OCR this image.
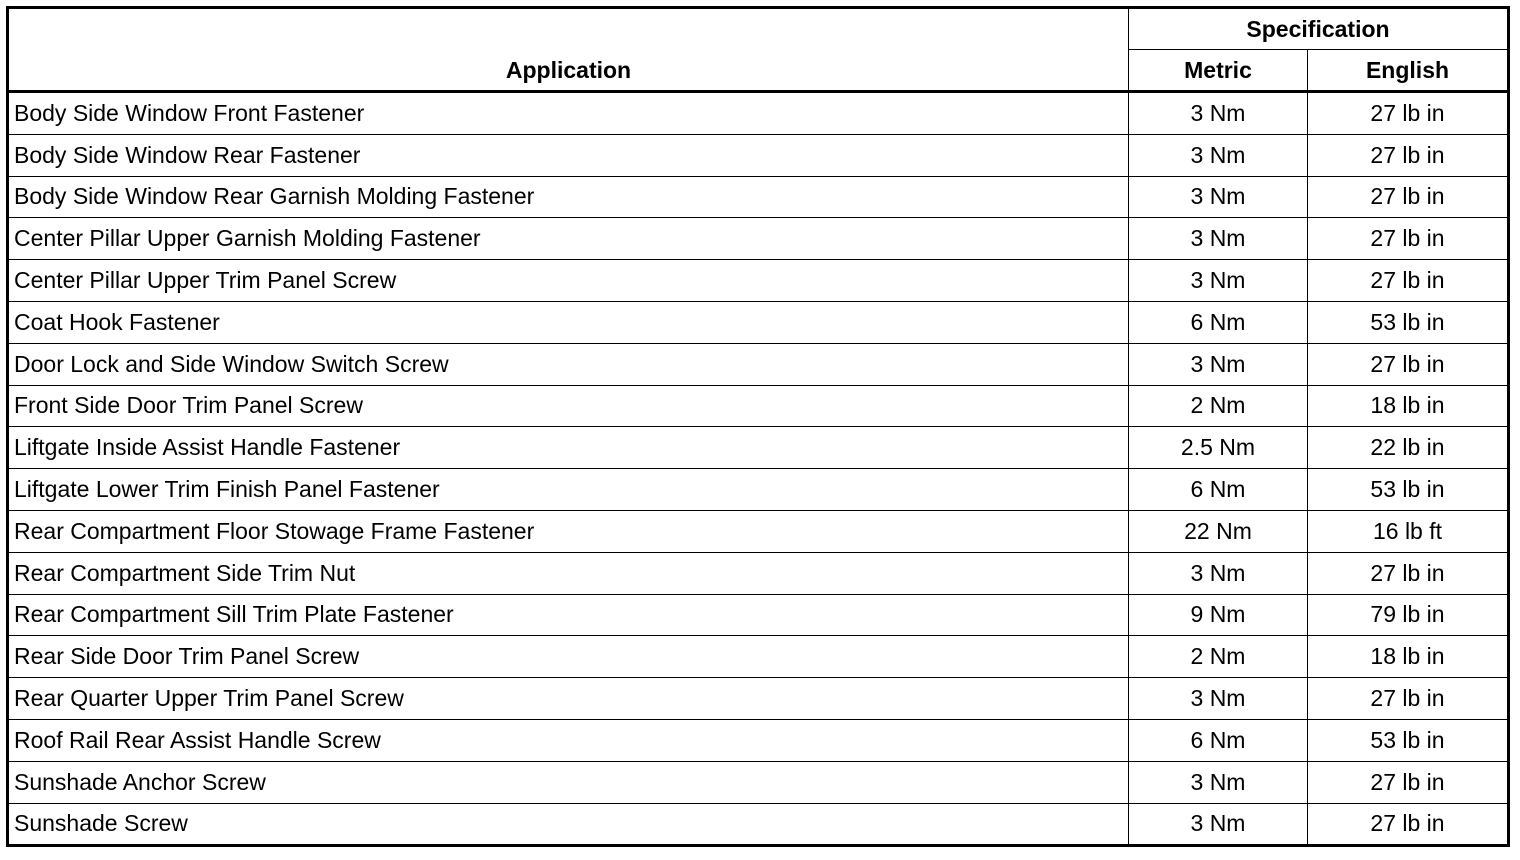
Application	Specification	
	Metric	English
Body Side Window Front Fastener	3 Nm	27 lb in
Body Side Window Rear Fastener	3 Nm	27 lb in
Body Side Window Rear Garnish Molding Fastener	3 Nm	27 lb in
Center Pillar Upper Garnish Molding Fastener	3 Nm	27 lb in
Center Pillar Upper Trim Panel Screw	3 Nm	27 lb in
Coat Hook Fastener	6 Nm	53 lb in
Door Lock and Side Window Switch Screw	3 Nm	27 lb in
Front Side Door Trim Panel Screw	2 Nm	18 lb in
Liftgate Inside Assist Handle Fastener	2.5 Nm	22 lb in
Liftgate Lower Trim Finish Panel Fastener	6 Nm	53 lb in
Rear Compartment Floor Stowage Frame Fastener	22 Nm	16 lb ft
Rear Compartment Side Trim Nut	3 Nm	27 lb in
Rear Compartment Sill Trim Plate Fastener	9 Nm	79 lb in
Rear Side Door Trim Panel Screw	2 Nm	18 lb in
Rear Quarter Upper Trim Panel Screw	3 Nm	27 lb in
Roof Rail Rear Assist Handle Screw	6 Nm	53 lb in
Sunshade Anchor Screw	3 Nm	27 lb in
Sunshade Screw	3 Nm	27 lb in
